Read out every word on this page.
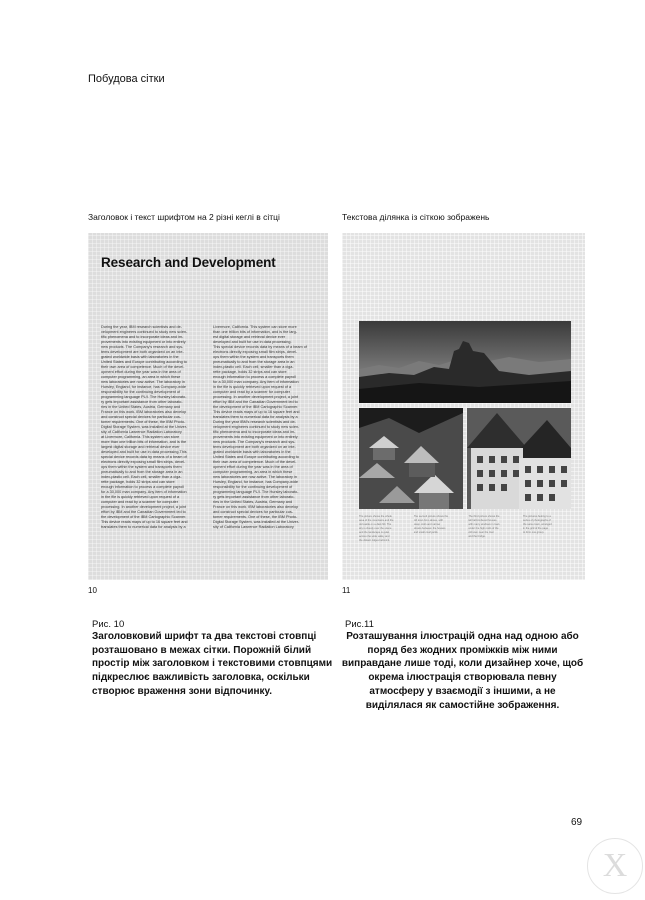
Побудова сітки
Заголовок і текст шрифтом на 2 різні кеглі в сітці	Текстова ділянка із сіткою зображень
Research and Development
During the year, IBM research scientists and de-
velopment engineers continued to study new scien-
tific phenomena and to incorporate ideas and im-
provements into existing equipment or into entirely
new products. The Company's research and sys-
tems development are both organized on an inte-
grated worldwide basis with laboratories in the
United States and Europe contributing according to
their own area of competence. Much of the devel-
opment effort during the year was in the area of
computer programming, an area in which these
new laboratories are now active. The laboratory in
Hursley, England, for instance, has Company-wide
responsibility for the continuing development of
programming language PL/I. The Hursley laborato-
ry gets important assistance from other laborato-
ries in the United States, Austria, Germany and
France on this work. IBM laboratories also develop
and construct special devices for particular cus-
tomer requirements. One of these, the IBM Photo-
Digital Storage System, was installed at the Univer-
sity of California Lawrence Radiation Laboratory
at Livermore, California. This system can store
more than one trillion bits of information, and is the
largest digital storage and retrieval device ever
developed and built for use in data processing.This
special device records data by means of a beam of
electrons directly exposing small film strips, devel-
ops them within the system and transports them
pneumatically to and from the storage area in an
index-plastic cell. Each cell, smaller than a ciga-
rette package, holds 32 strips and can store
enough information to process a complete payroll
for a 30,000 man company. Any item of information
in the file is quickly retrieved upon request of a
computer and read by a scanner for computer
processing. In another development project, a joint
effort by IBM and the Canadian Government led to
the development of the IBM Cartographic Scanner.
This device reads maps of up to 16 square feet and
translates them to numerical data for analysis by a
Livermore, California. This system can store more
than one trillion bits of information, and is the larg-
est digital storage and retrieval device ever
developed and built for use in data processing.
This special device records data by means of a beam of
electrons directly exposing small film strips, devel-
ops them within the system and transports them
pneumatically to and from the storage area in an
index-plastic cell. Each cell, smaller than a ciga-
rette package, holds 32 strips and can store
enough information to process a complete payroll
for a 30,000 man company. Any item of information
in the file is quickly retrieved upon request of a
computer and read by a scanner for computer
processing. In another development project, a joint
effort by IBM and the Canadian Government led to
the development of the IBM Cartographic Scanner.
This device reads maps of up to 16 square feet and
translates them to numerical data for analysis by a
During the year IBM's research scientists and de-
velopment engineers continued to study new scien-
tific phenomena and to incorporate ideas and im-
provements into existing equipment or into entirely
new products. The Company's research and sys-
tems development are both organized on an inte-
grated worldwide basis with laboratories in the
United States and Europe contributing according to
their own area of competence. Much of the devel-
opment effort during the year was in the area of
computer programming, an area in which these
new laboratories are now active. The laboratory in
Hursley, England, for instance, has Company-wide
responsibility for the continuing development of
programming language PL/I. The Hursley laborato-
ry gets important assistance from other laborato-
ries in the United States, Austria, Germany and
France on this work. IBM laboratories also develop
and construct special devices for particular cus-
tomer requirements. One of these, the IBM Photo-
Digital Storage System, was installed at the Univer-
sity of California Lawrence Radiation Laboratory
The picture shows the whole
area of the mountains and the
old castle on a dark hill. The
sky is cloudy over the scene
and the landscape is quiet
across the wide valley and
the distant ridges behind it.
The second picture shows the
old town from above, with
steep roofs and narrow
streets between the houses
and small courtyards.
The third picture shows the
tall half-timbered houses
with many windows in rows
under the high roofs of the
old town near the river
and the bridge.
The pictures belong to a
series of photographs of
the same town, arranged
in the grid of the page
to form one group.
10	11
Рис. 10
Заголовковий шрифт та два текстові стовпці розташовано в межах сітки. Порожній білий простір між заголовком і текстовими стовпцями підкреслює важливість заголовка, оскільки створює враження зони відпочинку.
Рис.11
Розташування ілюстрацій одна над одною або поряд без жодних проміжків між ними виправдане лише тоді, коли дизайнер хоче, щоб окрема ілюстрація створювала певну атмосферу у взаємодії з іншими, а не виділялася як самостійне зображення.
69
X
